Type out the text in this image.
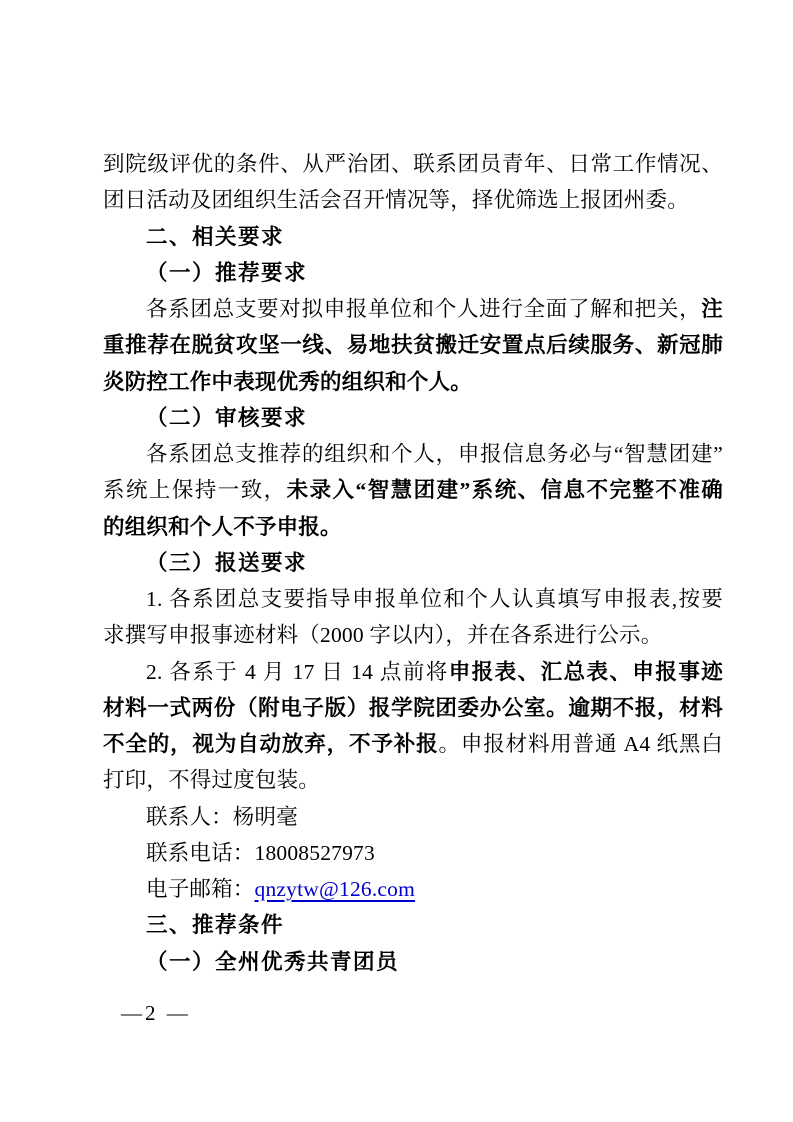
到院级评优的条件、从严治团、联系团员青年、日常工作情况、
团日活动及团组织生活会召开情况等，择优筛选上报团州委。
二、相关要求
（一）推荐要求
各系团总支要对拟申报单位和个人进行全面了解和把关，注
重推荐在脱贫攻坚一线、易地扶贫搬迁安置点后续服务、新冠肺
炎防控工作中表现优秀的组织和个人。
（二）审核要求
各系团总支推荐的组织和个人，申报信息务必与“智慧团建”
系统上保持一致，未录入“智慧团建”系统、信息不完整不准确
的组织和个人不予申报。
（三）报送要求
1. 各系团总支要指导申报单位和个人认真填写申报表,按要
求撰写申报事迹材料（2000 字以内），并在各系进行公示。
2. 各系于 4 月 17 日 14 点前将申报表、汇总表、申报事迹
材料一式两份（附电子版）报学院团委办公室。逾期不报，材料
不全的，视为自动放弃，不予补报。申报材料用普通 A4 纸黑白
打印，不得过度包装。
联系人：杨明毫
联系电话：18008527973
电子邮箱：qnzytw@126.com
三、推荐条件
（一）全州优秀共青团员
—2 —
